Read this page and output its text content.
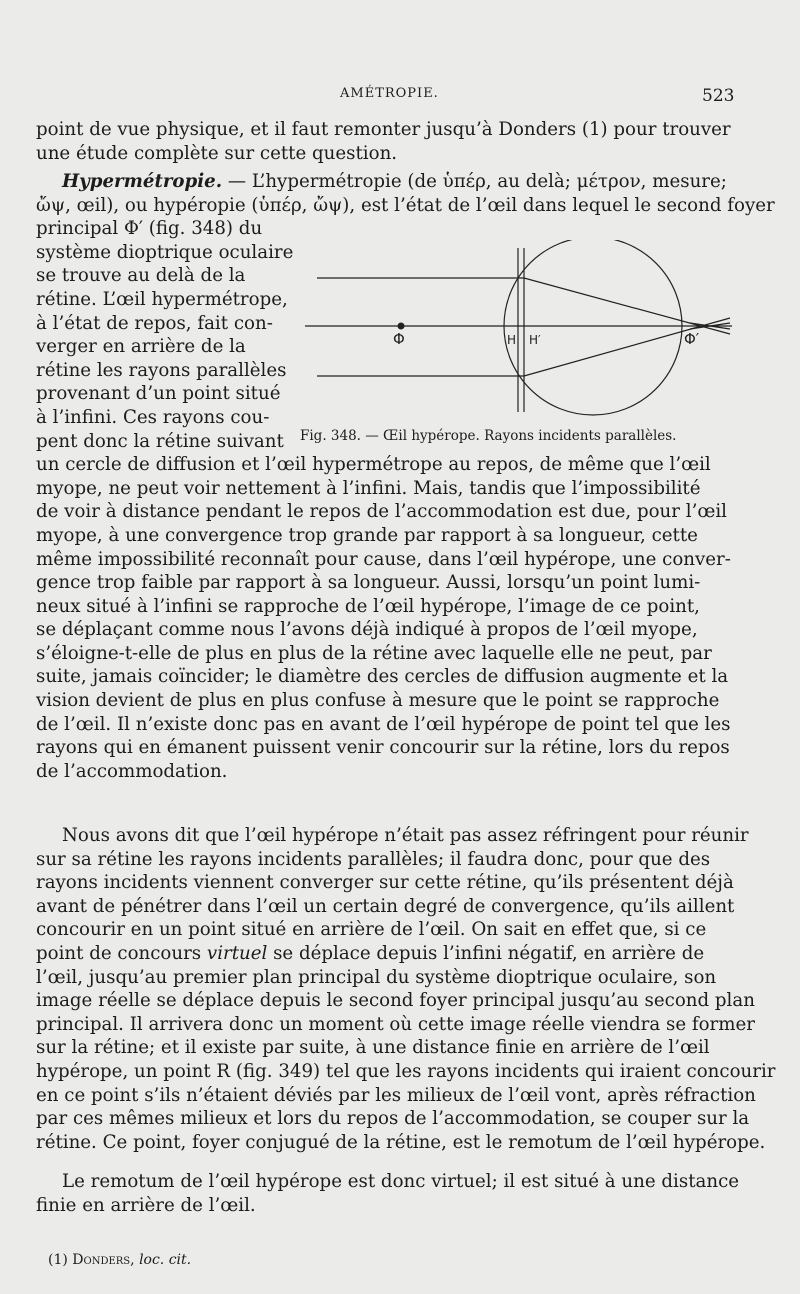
AMÉTROPIE.	523
point de vue physique, et il faut remonter jusqu’à Donders (1) pour trouver
une étude complète sur cette question.
Hypermétropie. — L’hypermétropie (de ὑπέρ, au delà; μέτρον, mesure;
ὤψ, œil), ou hypéropie (ὑπέρ, ὤψ), est l’état de l’œil dans lequel le second foyer
principal Φ′ (fig. 348) du
système dioptrique oculaire
se trouve au delà de la
rétine. L’œil hypermétrope,
à l’état de repos, fait con-
verger en arrière de la
rétine les rayons parallèles
provenant d’un point situé
à l’infini. Ces rayons cou-
pent donc la rétine suivant
un cercle de diffusion et l’œil hypermétrope au repos, de même que l’œil
myope, ne peut voir nettement à l’infini. Mais, tandis que l’impossibilité
de voir à distance pendant le repos de l’accommodation est due, pour l’œil
myope, à une convergence trop grande par rapport à sa longueur, cette
même impossibilité reconnaît pour cause, dans l’œil hypérope, une conver-
gence trop faible par rapport à sa longueur. Aussi, lorsqu’un point lumi-
neux situé à l’infini se rapproche de l’œil hypérope, l’image de ce point,
se déplaçant comme nous l’avons déjà indiqué à propos de l’œil myope,
s’éloigne-t-elle de plus en plus de la rétine avec laquelle elle ne peut, par
suite, jamais coïncider; le diamètre des cercles de diffusion augmente et la
vision devient de plus en plus confuse à mesure que le point se rapproche
de l’œil. Il n’existe donc pas en avant de l’œil hypérope de point tel que les
rayons qui en émanent puissent venir concourir sur la rétine, lors du repos
de l’accommodation.
Φ	H H′	Φ′
Fig. 348. — Œil hypérope. Rayons incidents parallèles.
Nous avons dit que l’œil hypérope n’était pas assez réfringent pour réunir
sur sa rétine les rayons incidents parallèles; il faudra donc, pour que des
rayons incidents viennent converger sur cette rétine, qu’ils présentent déjà
avant de pénétrer dans l’œil un certain degré de convergence, qu’ils aillent
concourir en un point situé en arrière de l’œil. On sait en effet que, si ce
point de concours virtuel se déplace depuis l’infini négatif, en arrière de
l’œil, jusqu’au premier plan principal du système dioptrique oculaire, son
image réelle se déplace depuis le second foyer principal jusqu’au second plan
principal. Il arrivera donc un moment où cette image réelle viendra se former
sur la rétine; et il existe par suite, à une distance finie en arrière de l’œil
hypérope, un point R (fig. 349) tel que les rayons incidents qui iraient concourir
en ce point s’ils n’étaient déviés par les milieux de l’œil vont, après réfraction
par ces mêmes milieux et lors du repos de l’accommodation, se couper sur la
rétine. Ce point, foyer conjugué de la rétine, est le remotum de l’œil hypérope.
Le remotum de l’œil hypérope est donc virtuel; il est situé à une distance
finie en arrière de l’œil.
(1) Donders, loc. cit.
